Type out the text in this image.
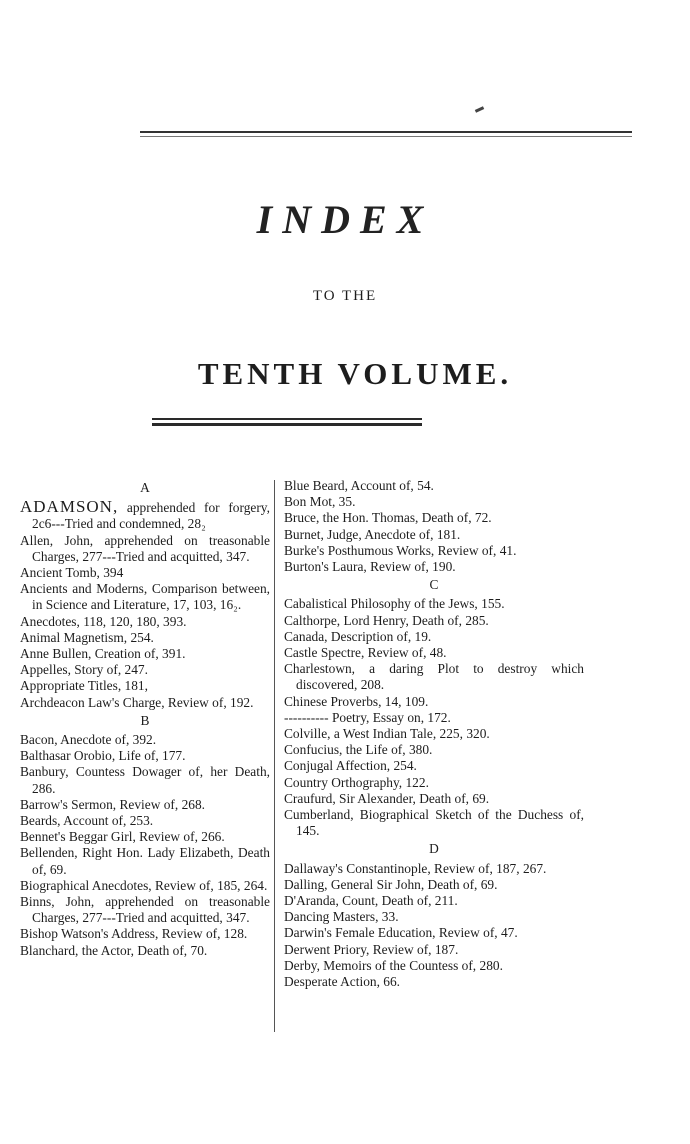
INDEX
TO THE
TENTH VOLUME.
A
ADAMSON, apprehended for forgery, 2c6---Tried and condemned, 28₂
Allen, John, apprehended on treasonable Charges, 277---Tried and acquitted, 347.
Ancient Tomb, 394
Ancients and Moderns, Comparison between, in Science and Literature, 17, 103, 16₂.
Anecdotes, 118, 120, 180, 393.
Animal Magnetism, 254.
Anne Bullen, Creation of, 391.
Appelles, Story of, 247.
Appropriate Titles, 181,
Archdeacon Law's Charge, Review of, 192.
B
Bacon, Anecdote of, 392.
Balthasar Orobio, Life of, 177.
Banbury, Countess Dowager of, her Death, 286.
Barrow's Sermon, Review of, 268.
Beards, Account of, 253.
Bennet's Beggar Girl, Review of, 266.
Bellenden, Right Hon. Lady Elizabeth, Death of, 69.
Biographical Anecdotes, Review of, 185, 264.
Binns, John, apprehended on treasonable Charges, 277---Tried and acquitted, 347.
Bishop Watson's Address, Review of, 128.
Blanchard, the Actor, Death of, 70.
Blue Beard, Account of, 54.
Bon Mot, 35.
Bruce, the Hon. Thomas, Death of, 72.
Burnet, Judge, Anecdote of, 181.
Burke's Posthumous Works, Review of, 41.
Burton's Laura, Review of, 190.
C
Cabalistical Philosophy of the Jews, 155.
Calthorpe, Lord Henry, Death of, 285.
Canada, Description of, 19.
Castle Spectre, Review of, 48.
Charlestown, a daring Plot to destroy which discovered, 208.
Chinese Proverbs, 14, 109.
---------- Poetry, Essay on, 172.
Colville, a West Indian Tale, 225, 320.
Confucius, the Life of, 380.
Conjugal Affection, 254.
Country Orthography, 122.
Craufurd, Sir Alexander, Death of, 69.
Cumberland, Biographical Sketch of the Duchess of, 145.
D
Dallaway's Constantinople, Review of, 187, 267.
Dalling, General Sir John, Death of, 69.
D'Aranda, Count, Death of, 211.
Dancing Masters, 33.
Darwin's Female Education, Review of, 47.
Derwent Priory, Review of, 187.
Derby, Memoirs of the Countess of, 280.
Desperate Action, 66.
